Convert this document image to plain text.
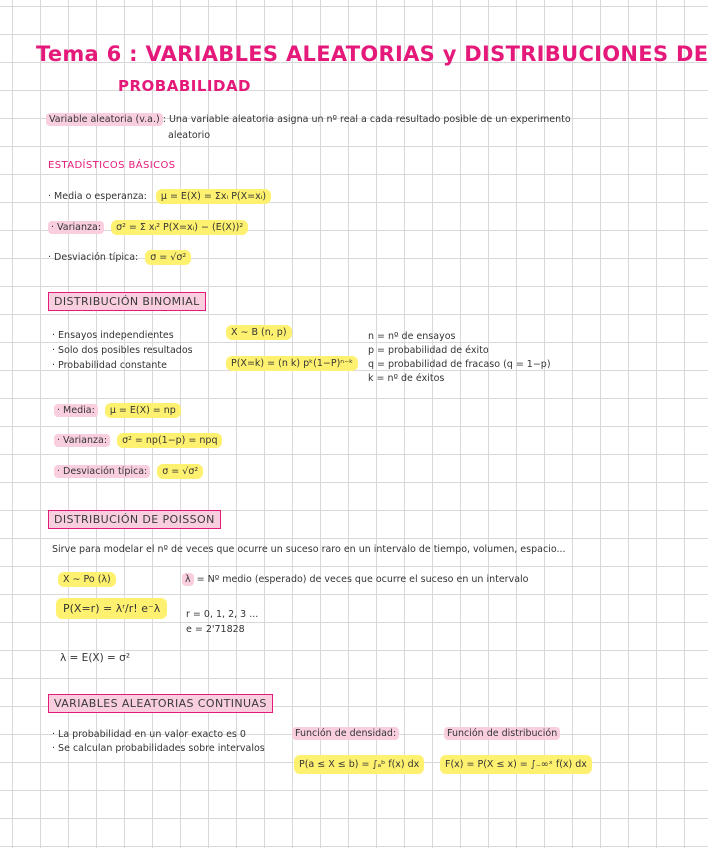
Tema 6 : VARIABLES ALEATORIAS y DISTRIBUCIONES DE
PROBABILIDAD
Variable aleatoria (v.a.) : Una variable aleatoria asigna un nº real a cada resultado posible de un experimento
aleatorio
ESTADÍSTICOS BÁSICOS
· Media o esperanza: μ = E(X) = Σxᵢ P(X=xᵢ)
· Varianza: σ² = Σ xᵢ² P(X=xᵢ) − (E(X))²
· Desviación típica: σ = √σ²
DISTRIBUCIÓN BINOMIAL
· Ensayos independientes
· Solo dos posibles resultados
· Probabilidad constante
X ∼ B (n, p)
P(X=k) = (n k) pᵏ(1−P)ⁿ⁻ᵏ
n = nº de ensayos
p = probabilidad de éxito
q = probabilidad de fracaso (q = 1−p)
k = nº de éxitos
· Media: μ = E(X) = np
· Varianza: σ² = np(1−p) = npq
· Desviación típica: σ = √σ²
DISTRIBUCIÓN DE POISSON
Sirve para modelar el nº de veces que ocurre un suceso raro en un intervalo de tiempo, volumen, espacio...
X ∼ Po (λ)	λ = Nº medio (esperado) de veces que ocurre el suceso en un intervalo
P(X=r) = λʳ/r! e⁻λ	r = 0, 1, 2, 3 ...
e = 2'71828
λ = E(X) = σ²
VARIABLES ALEATORIAS CONTINUAS
· La probabilidad en un valor exacto es 0
· Se calculan probabilidades sobre intervalos
Función de densidad:
P(a ≤ X ≤ b) = ∫ₐᵇ f(x) dx
Función de distribución
F(x) = P(X ≤ x) = ∫₋∞ˣ f(x) dx
